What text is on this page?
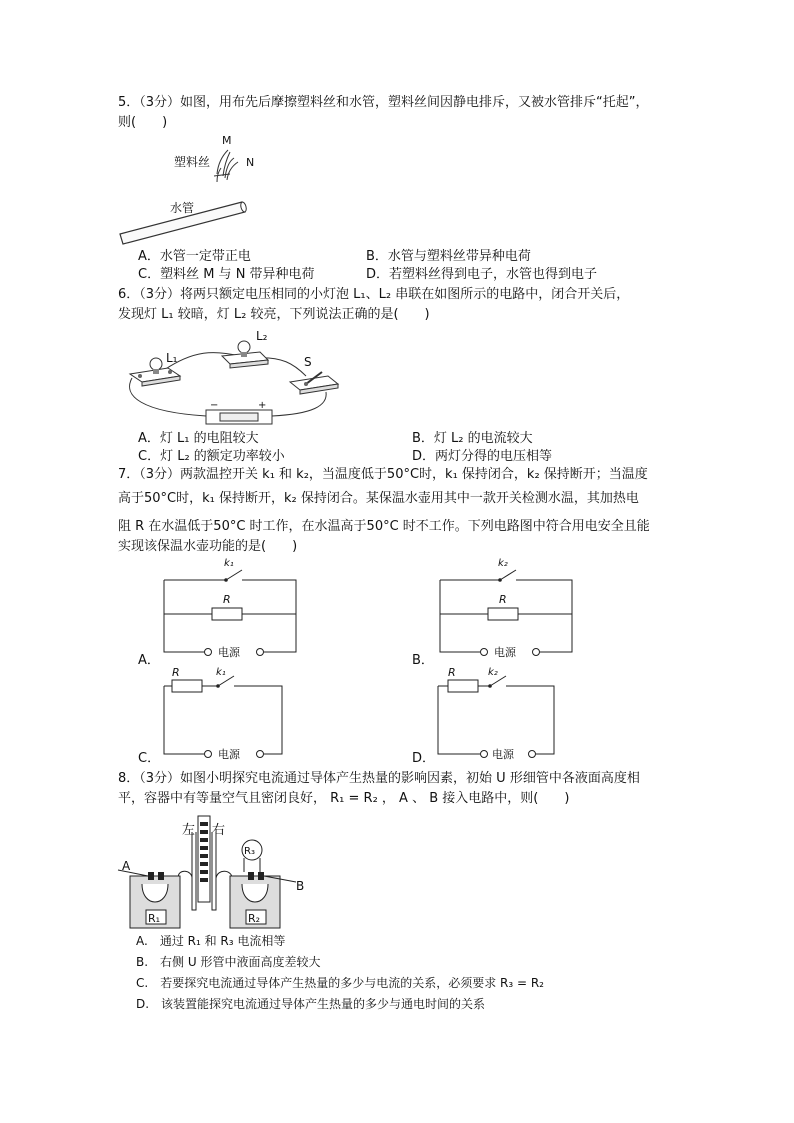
5．（3分）如图，用布先后摩擦塑料丝和水管，塑料丝间因静电排斥，又被水管排斥“托起”，
则(　　)
M
N
塑料丝
水管
A．水管一定带正电	B．水管与塑料丝带异种电荷
C．塑料丝 M 与 N 带异种电荷	D．若塑料丝得到电子，水管也得到电子
6．（3分）将两只额定电压相同的小灯泡 L₁、L₂ 串联在如图所示的电路中，闭合开关后，
发现灯 L₁ 较暗，灯 L₂ 较亮，下列说法正确的是(　　)
−	+
L₁
L₂
S
A．灯 L₁ 的电阻较大	B．灯 L₂ 的电流较大
C．灯 L₂ 的额定功率较小	D．两灯分得的电压相等
7．（3分）两款温控开关 k₁ 和 k₂，当温度低于50°C时，k₁ 保持闭合，k₂ 保持断开；当温度
高于50°C时，k₁ 保持断开，k₂ 保持闭合。某保温水壶用其中一款开关检测水温，其加热电
阻 R 在水温低于50°C 时工作，在水温高于50°C 时不工作。下列电路图中符合用电安全且能
实现该保温水壶功能的是(　　)
A．
k₁
R
电源
B．
k₂
R
电源
C．
R	k₁
电源	D．
R	k₂
电源
8．（3分）如图小明探究电流通过导体产生热量的影响因素，初始 U 形细管中各液面高度相
平，容器中有等量空气且密闭良好， R₁ = R₂ ， A 、 B 接入电路中，则(　　)
左 右
R₁	R₂
R₃
A
B
A.　通过 R₁ 和 R₃ 电流相等
B.　右侧 U 形管中液面高度差较大
C.　若要探究电流通过导体产生热量的多少与电流的关系，必须要求 R₃ = R₂
D.　该装置能探究电流通过导体产生热量的多少与通电时间的关系
